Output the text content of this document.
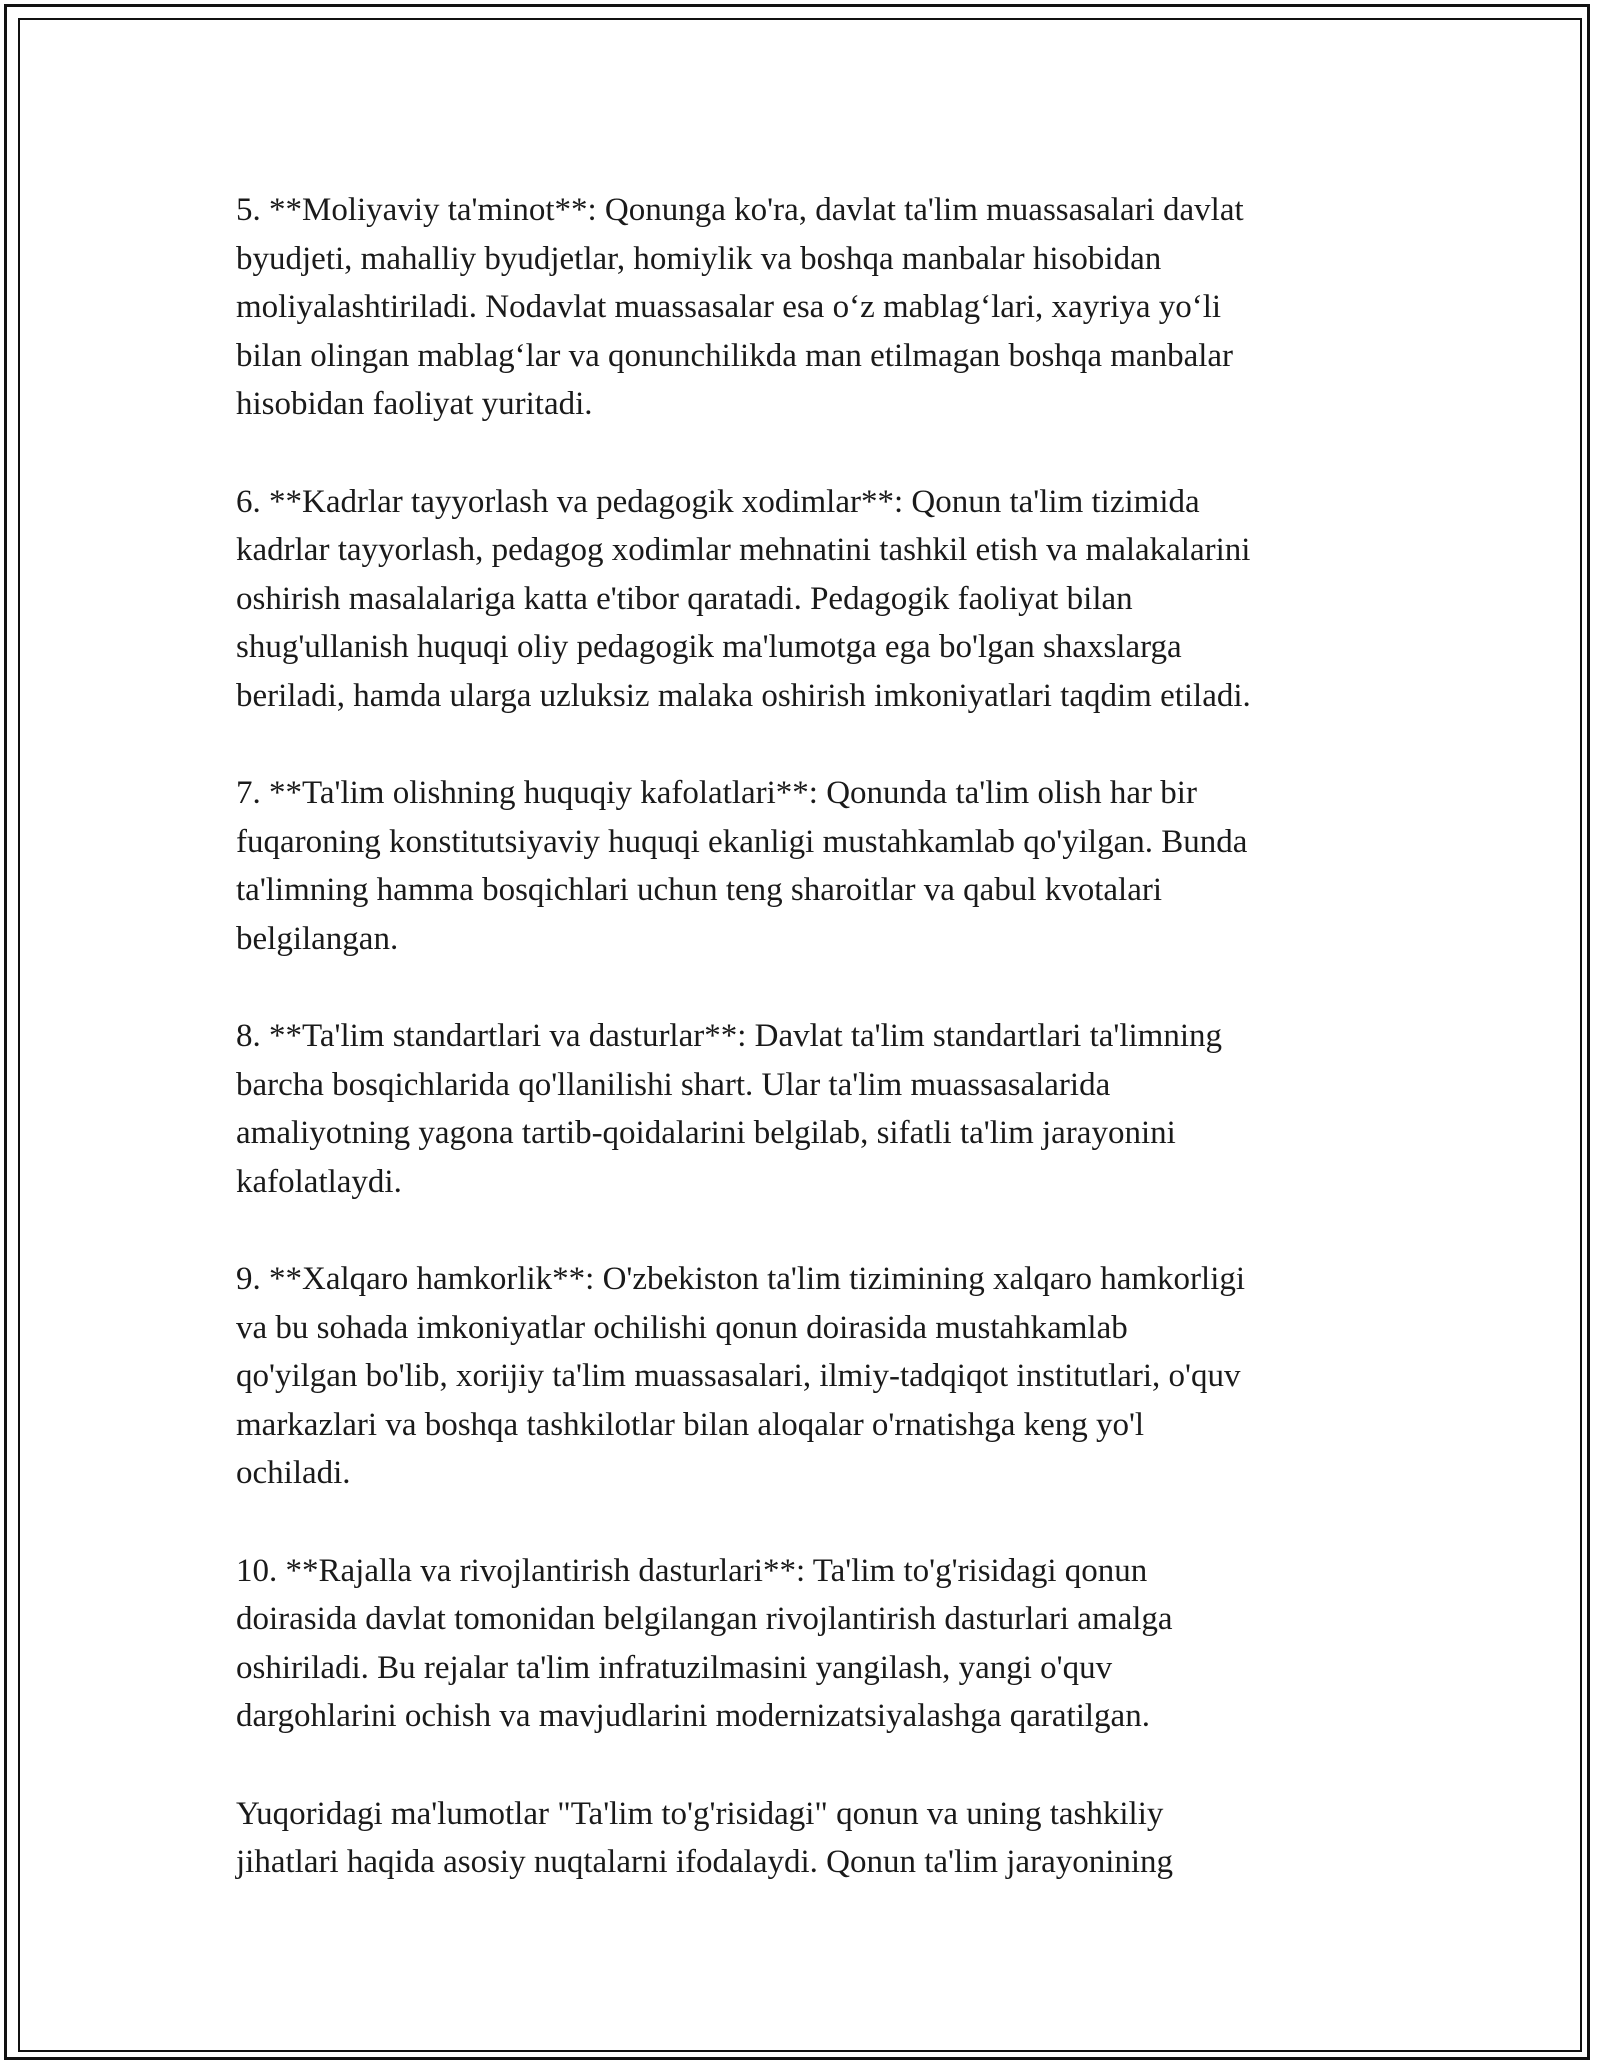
5. **Moliyaviy ta'minot**: Qonunga ko'ra, davlat ta'lim muassasalari davlat
byudjeti, mahalliy byudjetlar, homiylik va boshqa manbalar hisobidan
moliyalashtiriladi. Nodavlat muassasalar esa o‘z mablag‘lari, xayriya yo‘li
bilan olingan mablag‘lar va qonunchilikda man etilmagan boshqa manbalar
hisobidan faoliyat yuritadi.

6. **Kadrlar tayyorlash va pedagogik xodimlar**: Qonun ta'lim tizimida
kadrlar tayyorlash, pedagog xodimlar mehnatini tashkil etish va malakalarini
oshirish masalalariga katta e'tibor qaratadi. Pedagogik faoliyat bilan
shug'ullanish huquqi oliy pedagogik ma'lumotga ega bo'lgan shaxslarga
beriladi, hamda ularga uzluksiz malaka oshirish imkoniyatlari taqdim etiladi.

7. **Ta'lim olishning huquqiy kafolatlari**: Qonunda ta'lim olish har bir
fuqaroning konstitutsiyaviy huquqi ekanligi mustahkamlab qo'yilgan. Bunda
ta'limning hamma bosqichlari uchun teng sharoitlar va qabul kvotalari
belgilangan.

8. **Ta'lim standartlari va dasturlar**: Davlat ta'lim standartlari ta'limning
barcha bosqichlarida qo'llanilishi shart. Ular ta'lim muassasalarida
amaliyotning yagona tartib-qoidalarini belgilab, sifatli ta'lim jarayonini
kafolatlaydi.

9. **Xalqaro hamkorlik**: O'zbekiston ta'lim tizimining xalqaro hamkorligi
va bu sohada imkoniyatlar ochilishi qonun doirasida mustahkamlab
qo'yilgan bo'lib, xorijiy ta'lim muassasalari, ilmiy-tadqiqot institutlari, o'quv
markazlari va boshqa tashkilotlar bilan aloqalar o'rnatishga keng yo'l
ochiladi.

10. **Rajalla va rivojlantirish dasturlari**: Ta'lim to'g'risidagi qonun
doirasida davlat tomonidan belgilangan rivojlantirish dasturlari amalga
oshiriladi. Bu rejalar ta'lim infratuzilmasini yangilash, yangi o'quv
dargohlarini ochish va mavjudlarini modernizatsiyalashga qaratilgan.

Yuqoridagi ma'lumotlar "Ta'lim to'g'risidagi" qonun va uning tashkiliy
jihatlari haqida asosiy nuqtalarni ifodalaydi. Qonun ta'lim jarayonining
